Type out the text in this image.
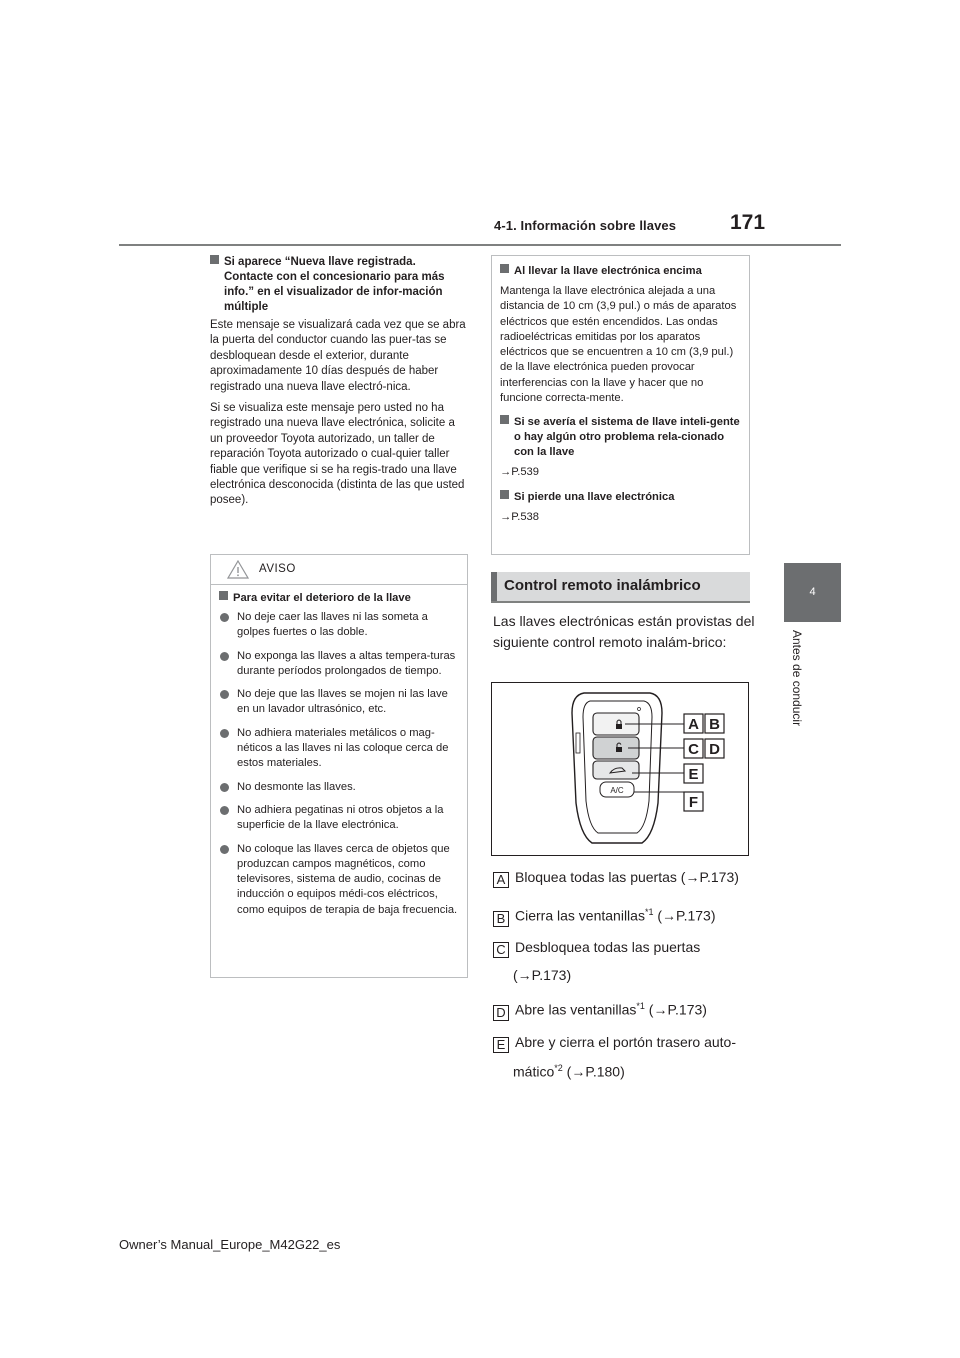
4-1. Información sobre llaves	171
4
Antes de conducir

Si aparece “Nueva llave registrada. Contacte con el concesionario para más info.” en el visualizador de infor-mación múltiple

Este mensaje se visualizará cada vez que se abra la puerta del conductor cuando las puer-tas se desbloquean desde el exterior, durante aproximadamente 10 días después de haber registrado una nueva llave electró-nica.

Si se visualiza este mensaje pero usted no ha registrado una nueva llave electrónica, solicite a un proveedor Toyota autorizado, un taller de reparación Toyota autorizado o cual-quier taller fiable que verifique si se ha regis-trado una llave electrónica desconocida (distinta de las que usted posee).

AVISO

Para evitar el deterioro de la llave

No deje caer las llaves ni las someta a golpes fuertes o las doble.

No exponga las llaves a altas tempera-turas durante períodos prolongados de tiempo.

No deje que las llaves se mojen ni las lave en un lavador ultrasónico, etc.

No adhiera materiales metálicos o mag-néticos a las llaves ni las coloque cerca de estos materiales.

No desmonte las llaves.

No adhiera pegatinas ni otros objetos a la superficie de la llave electrónica.

No coloque las llaves cerca de objetos que produzcan campos magnéticos, como televisores, sistema de audio, cocinas de inducción o equipos médi-cos eléctricos, como equipos de terapia de baja frecuencia.

Al llevar la llave electrónica encima

Mantenga la llave electrónica alejada a una distancia de 10 cm (3,9 pul.) o más de aparatos eléctricos que estén encendidos. Las ondas radioeléctricas emitidas por los aparatos eléctricos que se encuentren a 10 cm (3,9 pul.) de la llave electrónica pueden provocar interferencias con la llave y hacer que no funcione correcta-mente.

Si se avería el sistema de llave inteli-gente o hay algún otro problema rela-cionado con la llave

→P.539

Si pierde una llave electrónica

→P.538

Control remoto inalámbrico
Las llaves electrónicas están provistas del siguiente control remoto inalám-brico:
A/C
A B
C D
E
F
A Bloquea todas las puertas (→P.173)
B Cierra las ventanillas$^{*1}$ (→P.173)
C Desbloquea todas las puertas
(→P.173)
D Abre las ventanillas$^{*1}$ (→P.173)
E Abre y cierra el portón trasero auto-
mático$^{*2}$ (→P.180)
Owner’s Manual_Europe_M42G22_es
